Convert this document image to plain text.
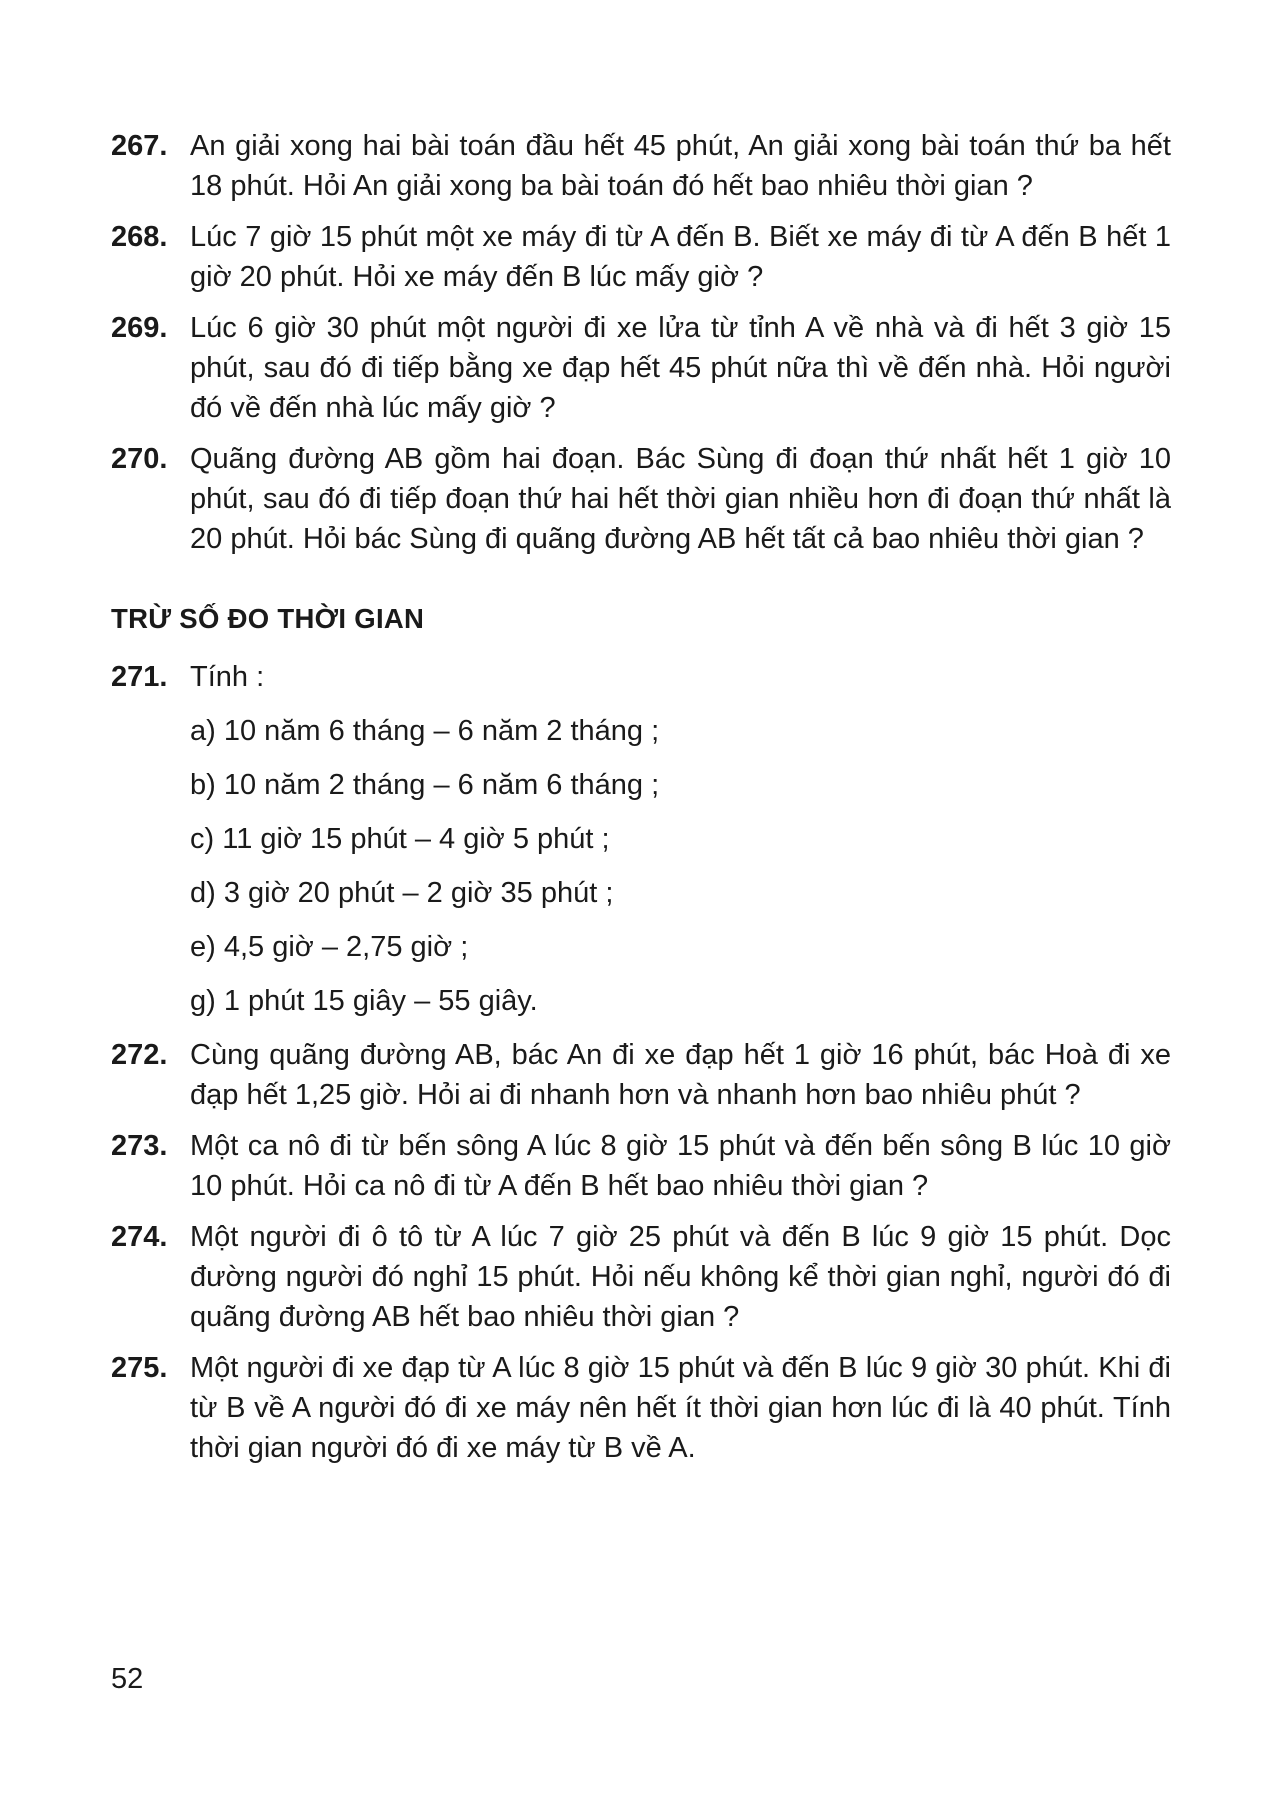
267. An giải xong hai bài toán đầu hết 45 phút, An giải xong bài toán thứ ba hết 18 phút. Hỏi An giải xong ba bài toán đó hết bao nhiêu thời gian ?
268. Lúc 7 giờ 15 phút một xe máy đi từ A đến B. Biết xe máy đi từ A đến B hết 1 giờ 20 phút. Hỏi xe máy đến B lúc mấy giờ ?
269. Lúc 6 giờ 30 phút một người đi xe lửa từ tỉnh A về nhà và đi hết 3 giờ 15 phút, sau đó đi tiếp bằng xe đạp hết 45 phút nữa thì về đến nhà. Hỏi người đó về đến nhà lúc mấy giờ ?
270. Quãng đường AB gồm hai đoạn. Bác Sùng đi đoạn thứ nhất hết 1 giờ 10 phút, sau đó đi tiếp đoạn thứ hai hết thời gian nhiều hơn đi đoạn thứ nhất là 20 phút. Hỏi bác Sùng đi quãng đường AB hết tất cả bao nhiêu thời gian ?
TRỪ SỐ ĐO THỜI GIAN
271. Tính :
a) 10 năm 6 tháng – 6 năm 2 tháng ;
b) 10 năm 2 tháng – 6 năm 6 tháng ;
c) 11 giờ 15 phút – 4 giờ 5 phút ;
d) 3 giờ 20 phút – 2 giờ 35 phút ;
e) 4,5 giờ – 2,75 giờ ;
g) 1 phút 15 giây – 55 giây.
272. Cùng quãng đường AB, bác An đi xe đạp hết 1 giờ 16 phút, bác Hoà đi xe đạp hết 1,25 giờ. Hỏi ai đi nhanh hơn và nhanh hơn bao nhiêu phút ?
273. Một ca nô đi từ bến sông A lúc 8 giờ 15 phút và đến bến sông B lúc 10 giờ 10 phút. Hỏi ca nô đi từ A đến B hết bao nhiêu thời gian ?
274. Một người đi ô tô từ A lúc 7 giờ 25 phút và đến B lúc 9 giờ 15 phút. Dọc đường người đó nghỉ 15 phút. Hỏi nếu không kể thời gian nghỉ, người đó đi quãng đường AB hết bao nhiêu thời gian ?
275. Một người đi xe đạp từ A lúc 8 giờ 15 phút và đến B lúc 9 giờ 30 phút. Khi đi từ B về A người đó đi xe máy nên hết ít thời gian hơn lúc đi là 40 phút. Tính thời gian người đó đi xe máy từ B về A.
52
